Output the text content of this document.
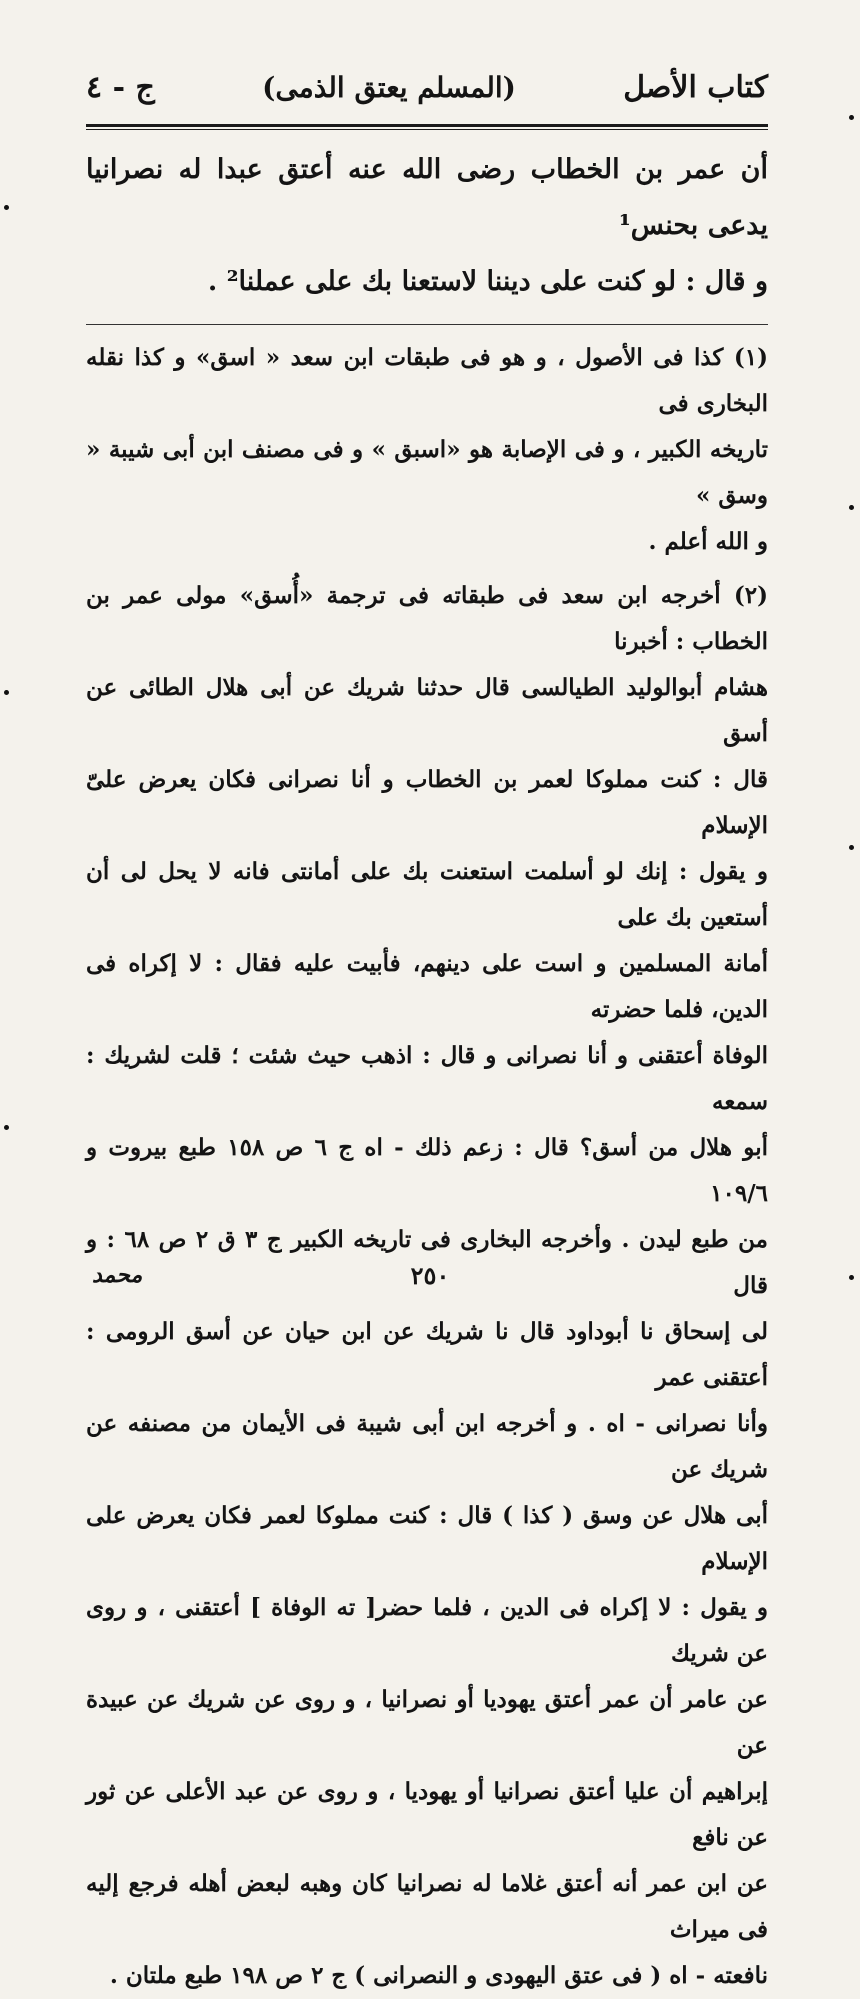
كتاب الأصل
(المسلم يعتق الذمى)
ج - ٤

أن عمر بن الخطاب رضى الله عنه أعتق عبدا له نصرانيا يدعى بحنس¹

و قال : لو كنت على ديننا لاستعنا بك على عملنا² .

(١) كذا فى الأصول ، و هو فى طبقات ابن سعد « اسق» و كذا نقله البخارى فى
تاريخه الكبير ، و فى الإصابة هو «اسبق » و فى مصنف ابن أبى شيبة « وسق »
و الله أعلم .

(٢) أخرجه ابن سعد فى طبقاته فى ترجمة «أُسق» مولى عمر بن الخطاب : أخبرنا
هشام أبوالوليد الطيالسى قال حدثنا شريك عن أبى هلال الطائى عن أسق
قال : كنت مملوكا لعمر بن الخطاب و أنا نصرانى فكان يعرض علىّ الإسلام
و يقول : إنك لو أسلمت استعنت بك على أمانتى فانه لا يحل لى أن أستعين بك على
أمانة المسلمين و است على دينهم، فأبيت عليه فقال : لا إكراه فى الدين، فلما حضرته
الوفاة أعتقنى و أنا نصرانى و قال : اذهب حيث شئت ؛ قلت لشريك : سمعه
أبو هلال من أسق؟ قال : زعم ذلك - اه ج ٦ ص ١٥٨ طبع بيروت و ١٠٩/٦
من طبع ليدن . وأخرجه البخارى فى تاريخه الكبير ج ٣ ق ٢ ص ٦٨ : و قال
لى إسحاق نا أبوداود قال نا شريك عن ابن حيان عن أسق الرومى : أعتقنى عمر
وأنا نصرانى - اه . و أخرجه ابن أبى شيبة فى الأيمان من مصنفه عن شريك عن
أبى هلال عن وسق ( كذا ) قال : كنت مملوكا لعمر فكان يعرض على الإسلام
و يقول : لا إكراه فى الدين ، فلما حضر[ ته الوفاة ] أعتقنى ، و روى عن شريك
عن عامر أن عمر أعتق يهوديا أو نصرانيا ، و روى عن شريك عن عبيدة عن
إبراهيم أن عليا أعتق نصرانيا أو يهوديا ، و روى عن عبد الأعلى عن ثور عن نافع
عن ابن عمر أنه أعتق غلاما له نصرانيا كان وهبه لبعض أهله فرجع إليه فى ميراث
نافعته - اه ( فى عتق اليهودى و النصرانى ) ج ٢ ص ١٩٨ طبع ملتان .

٢٥٠
محمد
